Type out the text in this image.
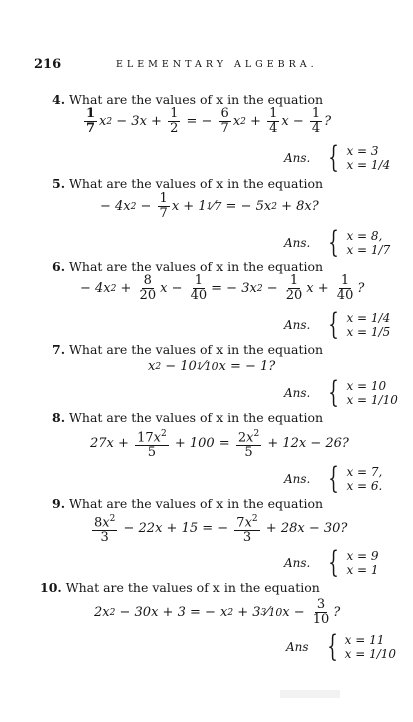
216	ELEMENTARY ALGEBRA.
4. What are the values of x in the equation
$\frac{1}{7}$ x 2 − 3 $x + \frac{1}{2}$ = − $\frac{6}{7}$ x $2 + \frac{1}{4}$ $x - \frac{1}{4}$ ?
Ans. { x = 3
x = 1/4
5. What are the values of x in the equation
− 4 x $2 - \frac{1}{7}$ x + 1 1 ⁄ 7 = − 5 x 2 + 8 x ?
Ans. { x = 8,
x = 1/7
6. What are the values of x in the equation
− 4 x $2 + \frac{8}{20}$ $x - \frac{1}{40}$ = − 3 x $2 - \frac{1}{20}$ $x + \frac{1}{40}$ ?
Ans. { x = 1/4
x = 1/5
7. What are the values of x in the equation
x 2 − 10 1 ⁄ 10 x = − 1?
Ans. { x = 10
x = 1/10
8. What are the values of x in the equation
27 $x + \frac{17x^2}{5} + 100 = \frac{2x^2}{5} + 12$ x − 26?
Ans. { x = 7,
x = 6.
9. What are the values of x in the equation
$\frac{8x^2}{3} - 22$ x + 15 = − $\frac{7x^2}{3} + 28$ x − 30?
Ans. { x = 9
x = 1
10. What are the values of x in the equation
2 x 2 − 30 x + 3 = − x 2 + 3 3 ⁄ 10 $x - \frac{3}{10}$ ?
Ans { x = 11
x = 1/10
